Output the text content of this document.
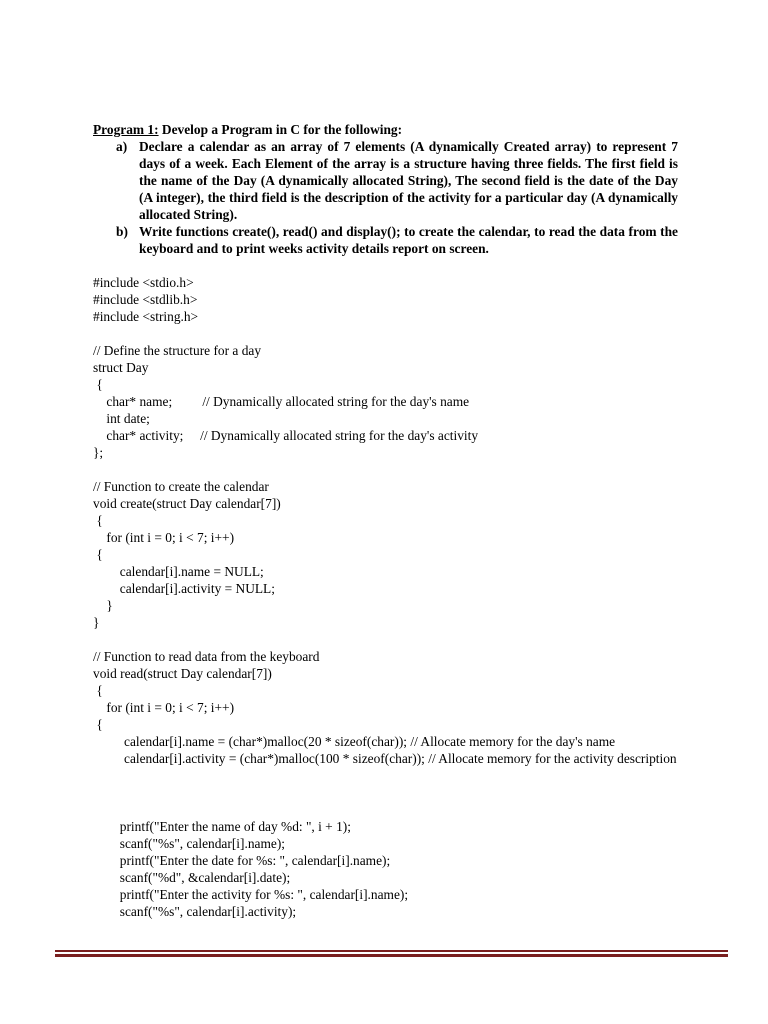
Program 1: Develop a Program in C for the following:
a) Declare a calendar as an array of 7 elements (A dynamically Created array) to represent 7 days of a week. Each Element of the array is a structure having three fields. The first field is the name of the Day (A dynamically allocated String), The second field is the date of the Day (A integer), the third field is the description of the activity for a particular day (A dynamically allocated String).
b) Write functions create(), read() and display(); to create the calendar, to read the data from the keyboard and to print weeks activity details report on screen.
#include <stdio.h>
#include <stdlib.h>
#include <string.h>
// Define the structure for a day
struct Day
{
char* name;         // Dynamically allocated string for the day's name
int date;
char* activity;     // Dynamically allocated string for the day's activity
};
// Function to create the calendar
void create(struct Day calendar[7])
{
for (int i = 0; i < 7; i++)
{
calendar[i].name = NULL;
calendar[i].activity = NULL;
}
}
// Function to read data from the keyboard
void read(struct Day calendar[7])
{
for (int i = 0; i < 7; i++)
{
calendar[i].name = (char*)malloc(20 * sizeof(char)); // Allocate memory for the day's name
calendar[i].activity = (char*)malloc(100 * sizeof(char)); // Allocate memory for the activity description
printf("Enter the name of day %d: ", i + 1);
scanf("%s", calendar[i].name);
printf("Enter the date for %s: ", calendar[i].name);
scanf("%d", &calendar[i].date);
printf("Enter the activity for %s: ", calendar[i].name);
scanf("%s", calendar[i].activity);
